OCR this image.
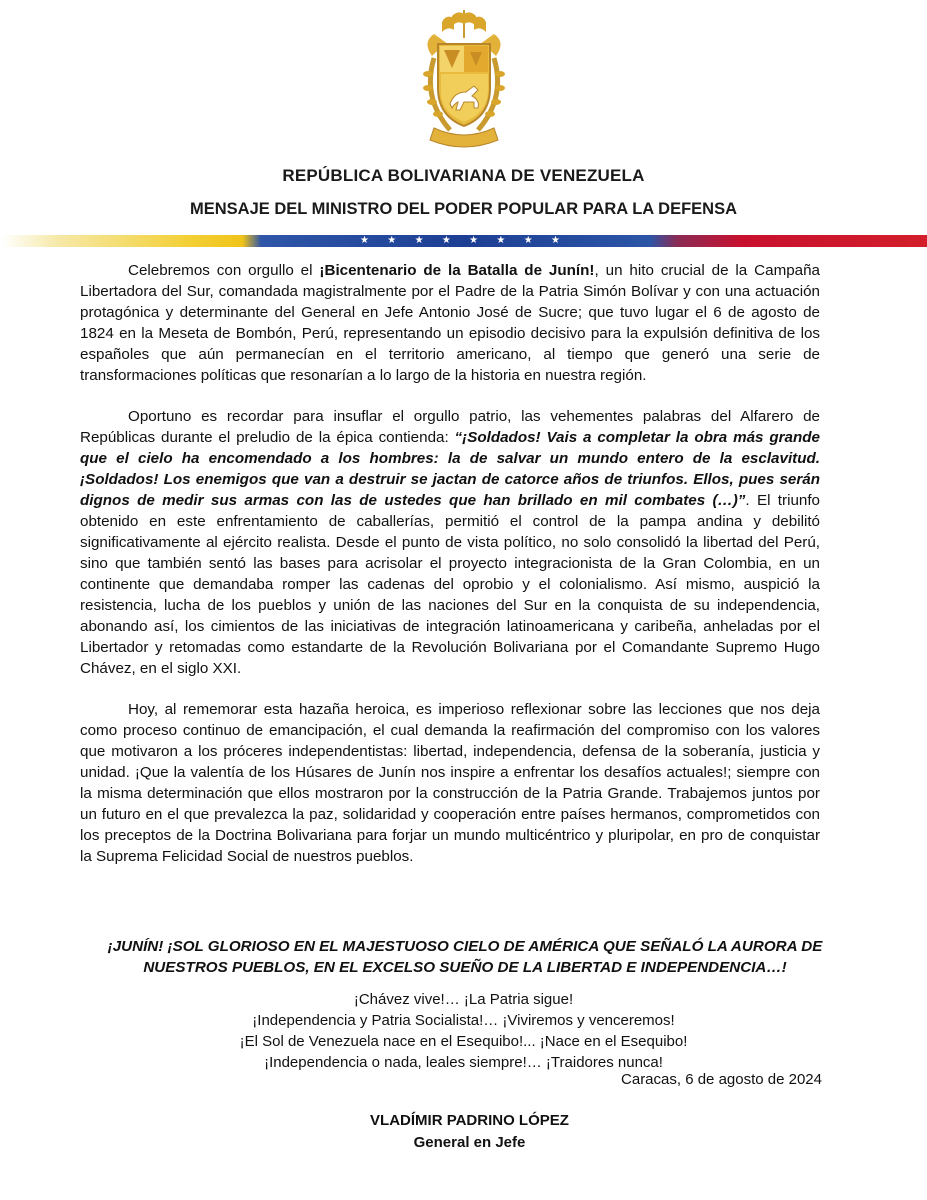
REPÚBLICA BOLIVARIANA DE VENEZUELA
MENSAJE DEL MINISTRO DEL PODER POPULAR PARA LA DEFENSA
★ ★ ★ ★ ★ ★ ★ ★

Celebremos con orgullo el ¡Bicentenario de la Batalla de Junín!, un hito crucial de la Campaña Libertadora del Sur, comandada magistralmente por el Padre de la Patria Simón Bolívar y con una actuación protagónica y determinante del General en Jefe Antonio José de Sucre; que tuvo lugar el 6 de agosto de 1824 en la Meseta de Bombón, Perú, representando un episodio decisivo para la expulsión definitiva de los españoles que aún permanecían en el territorio americano, al tiempo que generó una serie de transformaciones políticas que resonarían a lo largo de la historia en nuestra región.

Oportuno es recordar para insuflar el orgullo patrio, las vehementes palabras del Alfarero de Repúblicas durante el preludio de la épica contienda: “¡Soldados! Vais a completar la obra más grande que el cielo ha encomendado a los hombres: la de salvar un mundo entero de la esclavitud. ¡Soldados! Los enemigos que van a destruir se jactan de catorce años de triunfos. Ellos, pues serán dignos de medir sus armas con las de ustedes que han brillado en mil combates (…)”. El triunfo obtenido en este enfrentamiento de caballerías, permitió el control de la pampa andina y debilitó significativamente al ejército realista. Desde el punto de vista político, no solo consolidó la libertad del Perú, sino que también sentó las bases para acrisolar el proyecto integracionista de la Gran Colombia, en un continente que demandaba romper las cadenas del oprobio y el colonialismo. Así mismo, auspició la resistencia, lucha de los pueblos y unión de las naciones del Sur en la conquista de su independencia, abonando así, los cimientos de las iniciativas de integración latinoamericana y caribeña, anheladas por el Libertador y retomadas como estandarte de la Revolución Bolivariana por el Comandante Supremo Hugo Chávez, en el siglo XXI.

Hoy, al rememorar esta hazaña heroica, es imperioso reflexionar sobre las lecciones que nos deja como proceso continuo de emancipación, el cual demanda la reafirmación del compromiso con los valores que motivaron a los próceres independentistas: libertad, independencia, defensa de la soberanía, justicia y unidad. ¡Que la valentía de los Húsares de Junín nos inspire a enfrentar los desafíos actuales!; siempre con la misma determinación que ellos mostraron por la construcción de la Patria Grande. Trabajemos juntos por un futuro en el que prevalezca la paz, solidaridad y cooperación entre países hermanos, comprometidos con los preceptos de la Doctrina Bolivariana para forjar un mundo multicéntrico y pluripolar, en pro de conquistar la Suprema Felicidad Social de nuestros pueblos.

¡JUNÍN! ¡SOL GLORIOSO EN EL MAJESTUOSO CIELO DE AMÉRICA QUE SEÑALÓ LA AURORA DE NUESTROS PUEBLOS, EN EL EXCELSO SUEÑO DE LA LIBERTAD E INDEPENDENCIA…!
¡Chávez vive!… ¡La Patria sigue!
¡Independencia y Patria Socialista!… ¡Viviremos y venceremos!
¡El Sol de Venezuela nace en el Esequibo!... ¡Nace en el Esequibo!
¡Independencia o nada, leales siempre!… ¡Traidores nunca!
Caracas, 6 de agosto de 2024
VLADÍMIR PADRINO LÓPEZ
General en Jefe
